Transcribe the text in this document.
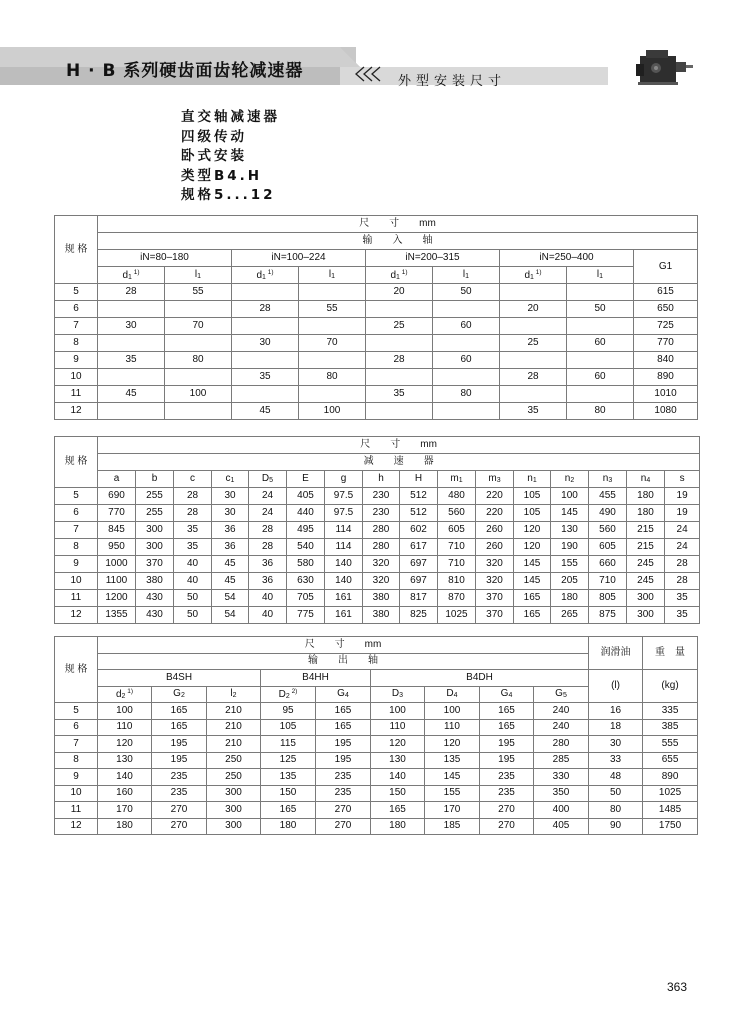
H · B 系列硬齿面齿轮减速器
外型安装尺寸
直交轴减速器
四级传动
卧式安装
类型B4.H
规格5...12
规 格	尺　　寸　　mm								
	输　　入　　轴								
	iN=80–180		iN=100–224		iN=200–315		iN=250–400		G1
	d1 $^{1)}$	l1	d1 $^{1)}$	l1	d1 $^{1)}$	l1	d1 $^{1)}$	l1	
5	28	55			20	50			615
6			28	55			20	50	650
7	30	70			25	60			725
8			30	70			25	60	770
9	35	80			28	60			840
10			35	80			28	60	890
11	45	100			35	80			1010
12			45	100			35	80	1080
规 格	尺　　寸　　mm															
	减　　速　　器															
	a	b	c	c1	D5	E	g	h	H	m1	m3	n1	n2	n3	n4	s
5	690	255	28	30	24	405	97.5	230	512	480	220	105	100	455	180	19
6	770	255	28	30	24	440	97.5	230	512	560	220	105	145	490	180	19
7	845	300	35	36	28	495	114	280	602	605	260	120	130	560	215	24
8	950	300	35	36	28	540	114	280	617	710	260	120	190	605	215	24
9	1000	370	40	45	36	580	140	320	697	710	320	145	155	660	245	28
10	1100	380	40	45	36	630	140	320	697	810	320	145	205	710	245	28
11	1200	430	50	54	40	705	161	380	817	870	370	165	180	805	300	35
12	1355	430	50	54	40	775	161	380	825	1025	370	165	265	875	300	35
规 格	尺　　寸　　mm									润滑油	重　量
	输　　出　　轴										
	B4SH			B4HH		B4DH				(l)	(kg)
	d2 $^{1)}$	G2	l2	D2 $^{2)}$	G4	D3	D4	G4	G5		
5	100	165	210	95	165	100	100	165	240	16	335
6	110	165	210	105	165	110	110	165	240	18	385
7	120	195	210	115	195	120	120	195	280	30	555
8	130	195	250	125	195	130	135	195	285	33	655
9	140	235	250	135	235	140	145	235	330	48	890
10	160	235	300	150	235	150	155	235	350	50	1025
11	170	270	300	165	270	165	170	270	400	80	1485
12	180	270	300	180	270	180	185	270	405	90	1750
363
